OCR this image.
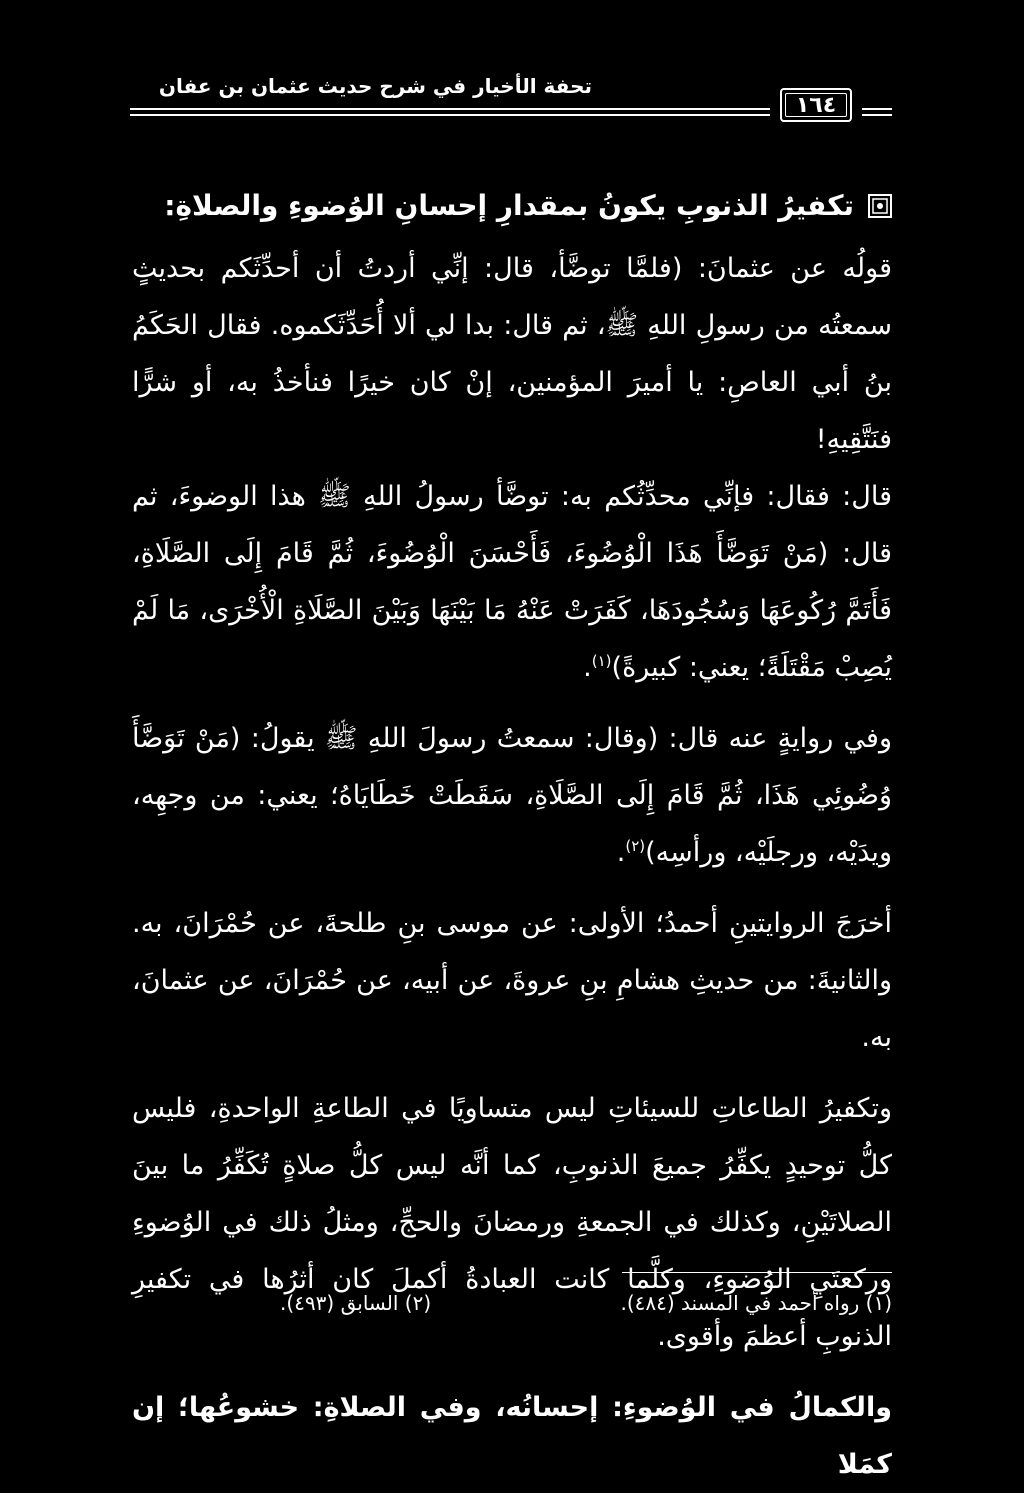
تحفة الأخيار في شرح حديث عثمان بن عفان
١٦٤
تكفيرُ الذنوبِ يكونُ بمقدارِ إحسانِ الوُضوءِ والصلاةِ:

قولُه عن عثمانَ: (فلمَّا توضَّأ، قال: إنِّي أردتُ أن أحدِّثَكم بحديثٍ سمعتُه من رسولِ اللهِ ﷺ، ثم قال: بدا لي ألا أُحَدِّثَكموه. فقال الحَكَمُ بنُ أبي العاصِ: يا أميرَ المؤمنين، إنْ كان خيرًا فنأخذُ به، أو شرًّا فنَتَّقِيهِ!

قال: فقال: فإنِّي محدِّثُكم به: توضَّأ رسولُ اللهِ ﷺ هذا الوضوءَ، ثم قال: (مَنْ تَوَضَّأَ هَذَا الْوُضُوءَ، فَأَحْسَنَ الْوُضُوءَ، ثُمَّ قَامَ إِلَى الصَّلَاةِ، فَأَتَمَّ رُكُوعَهَا وَسُجُودَهَا، كَفَرَتْ عَنْهُ مَا بَيْنَهَا وَبَيْنَ الصَّلَاةِ الْأُخْرَى، مَا لَمْ يُصِبْ مَقْتَلَةً؛ يعني: كبيرةً)$^{(١)}$.

وفي روايةٍ عنه قال: (وقال: سمعتُ رسولَ اللهِ ﷺ يقولُ: (مَنْ تَوَضَّأَ وُضُوئِي هَذَا، ثُمَّ قَامَ إِلَى الصَّلَاةِ، سَقَطَتْ خَطَايَاهُ؛ يعني: من وجهِه، ويدَيْه، ورجلَيْه، ورأسِه)$^{(٢)}$.

أخرَجَ الروايتينِ أحمدُ؛ الأولى: عن موسى بنِ طلحةَ، عن حُمْرَانَ، به. والثانيةَ: من حديثِ هشامِ بنِ عروةَ، عن أبيه، عن حُمْرَانَ، عن عثمانَ، به.

وتكفيرُ الطاعاتِ للسيئاتِ ليس متساويًا في الطاعةِ الواحدةِ، فليس كلُّ توحيدٍ يكفِّرُ جميعَ الذنوبِ، كما أنَّه ليس كلُّ صلاةٍ تُكَفِّرُ ما بينَ الصلاتَيْنِ، وكذلك في الجمعةِ ورمضانَ والحجِّ، ومثلُ ذلك في الوُضوءِ وركعتَيِ الوُضوءِ، وكلَّما كانت العبادةُ أكملَ كان أثرُها في تكفيرِ الذنوبِ أعظمَ وأقوى.

والكمالُ في الوُضوءِ: إحسانُه، وفي الصلاةِ: خشوعُها؛ إن كمَلا

(١) رواه أحمد في المسند (٤٨٤).
(٢) السابق (٤٩٣).
